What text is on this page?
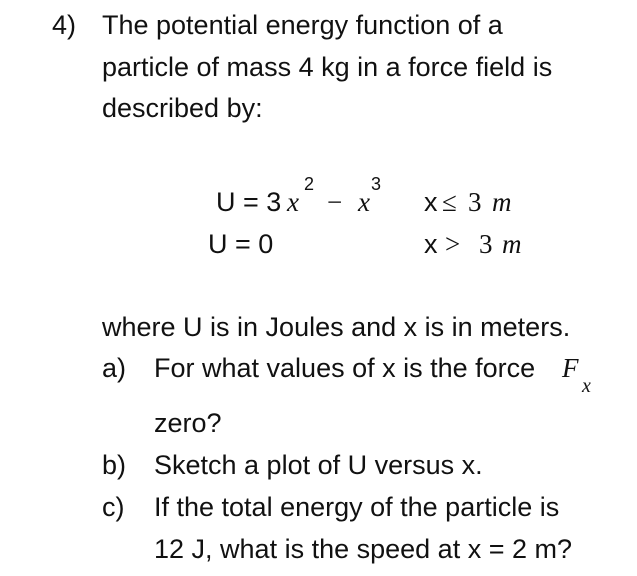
4) The potential energy function of a
particle of mass 4 kg in a force field is
described by:
U = 3 x
2
− x
3
x ≤ 3 m
U = 0	x > 3 m
where U is in Joules and x is in meters.
a) For what values of x is the force F
x
zero?
b) Sketch a plot of U versus x.
c) If the total energy of the particle is
12 J, what is the speed at x = 2 m?
